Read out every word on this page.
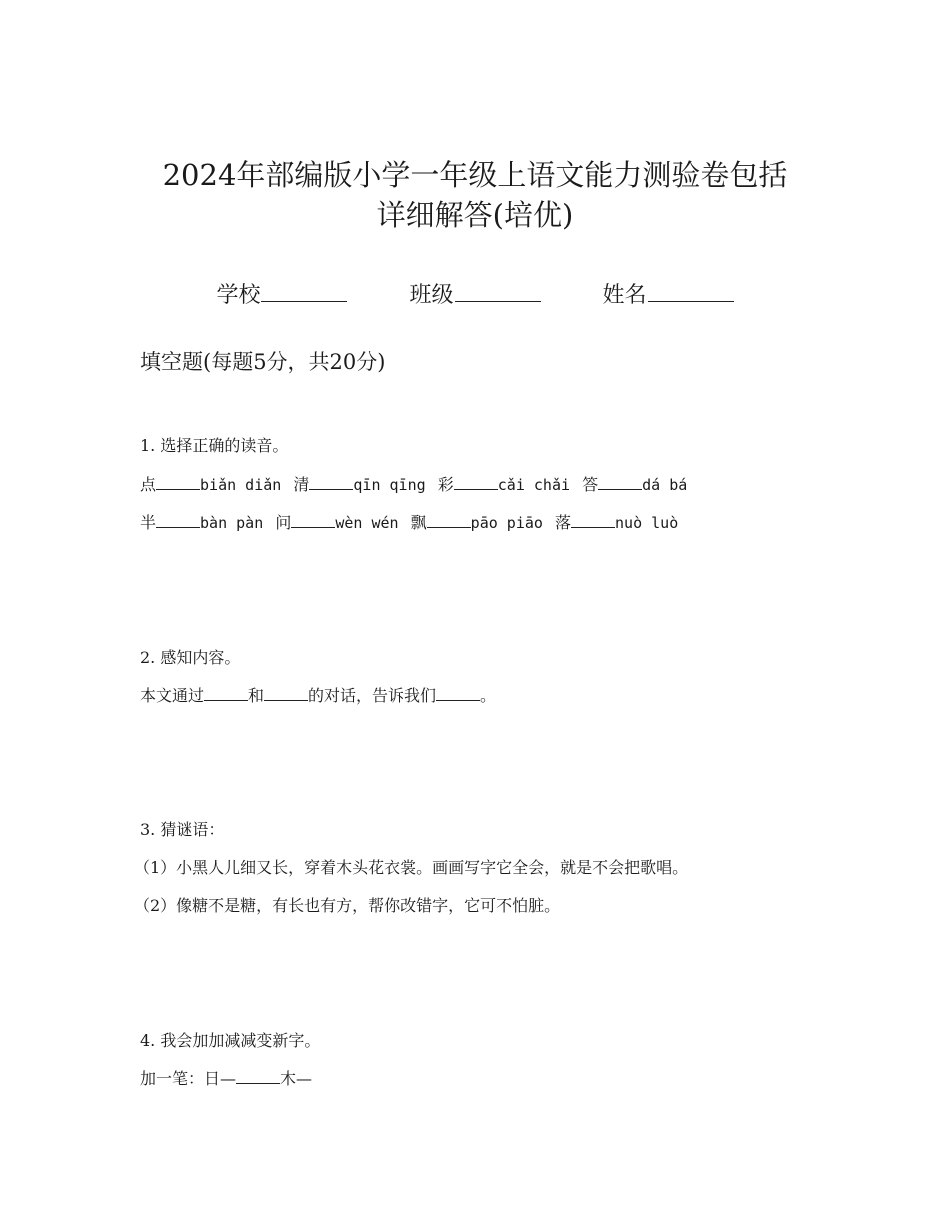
2024年部编版小学一年级上语文能力测验卷包括
详细解答(培优)
学校	班级	姓名
填空题(每题5分，共20分)
1. 选择正确的读音。
点	biǎn diǎn 清	qīn qīng 彩	cǎi chǎi 答	dá bá
半	bàn pàn 问	wèn wén 飘	pāo piāo 落	nuò luò
2. 感知内容。
本文通过	和	的对话，告诉我们	。
3. 猜谜语：
（1）小黑人儿细又长，穿着木头花衣裳。画画写字它全会，就是不会把歌唱。
（2）像糖不是糖，有长也有方，帮你改错字，它可不怕脏。
4. 我会加加减减变新字。
加一笔：日—	木—
